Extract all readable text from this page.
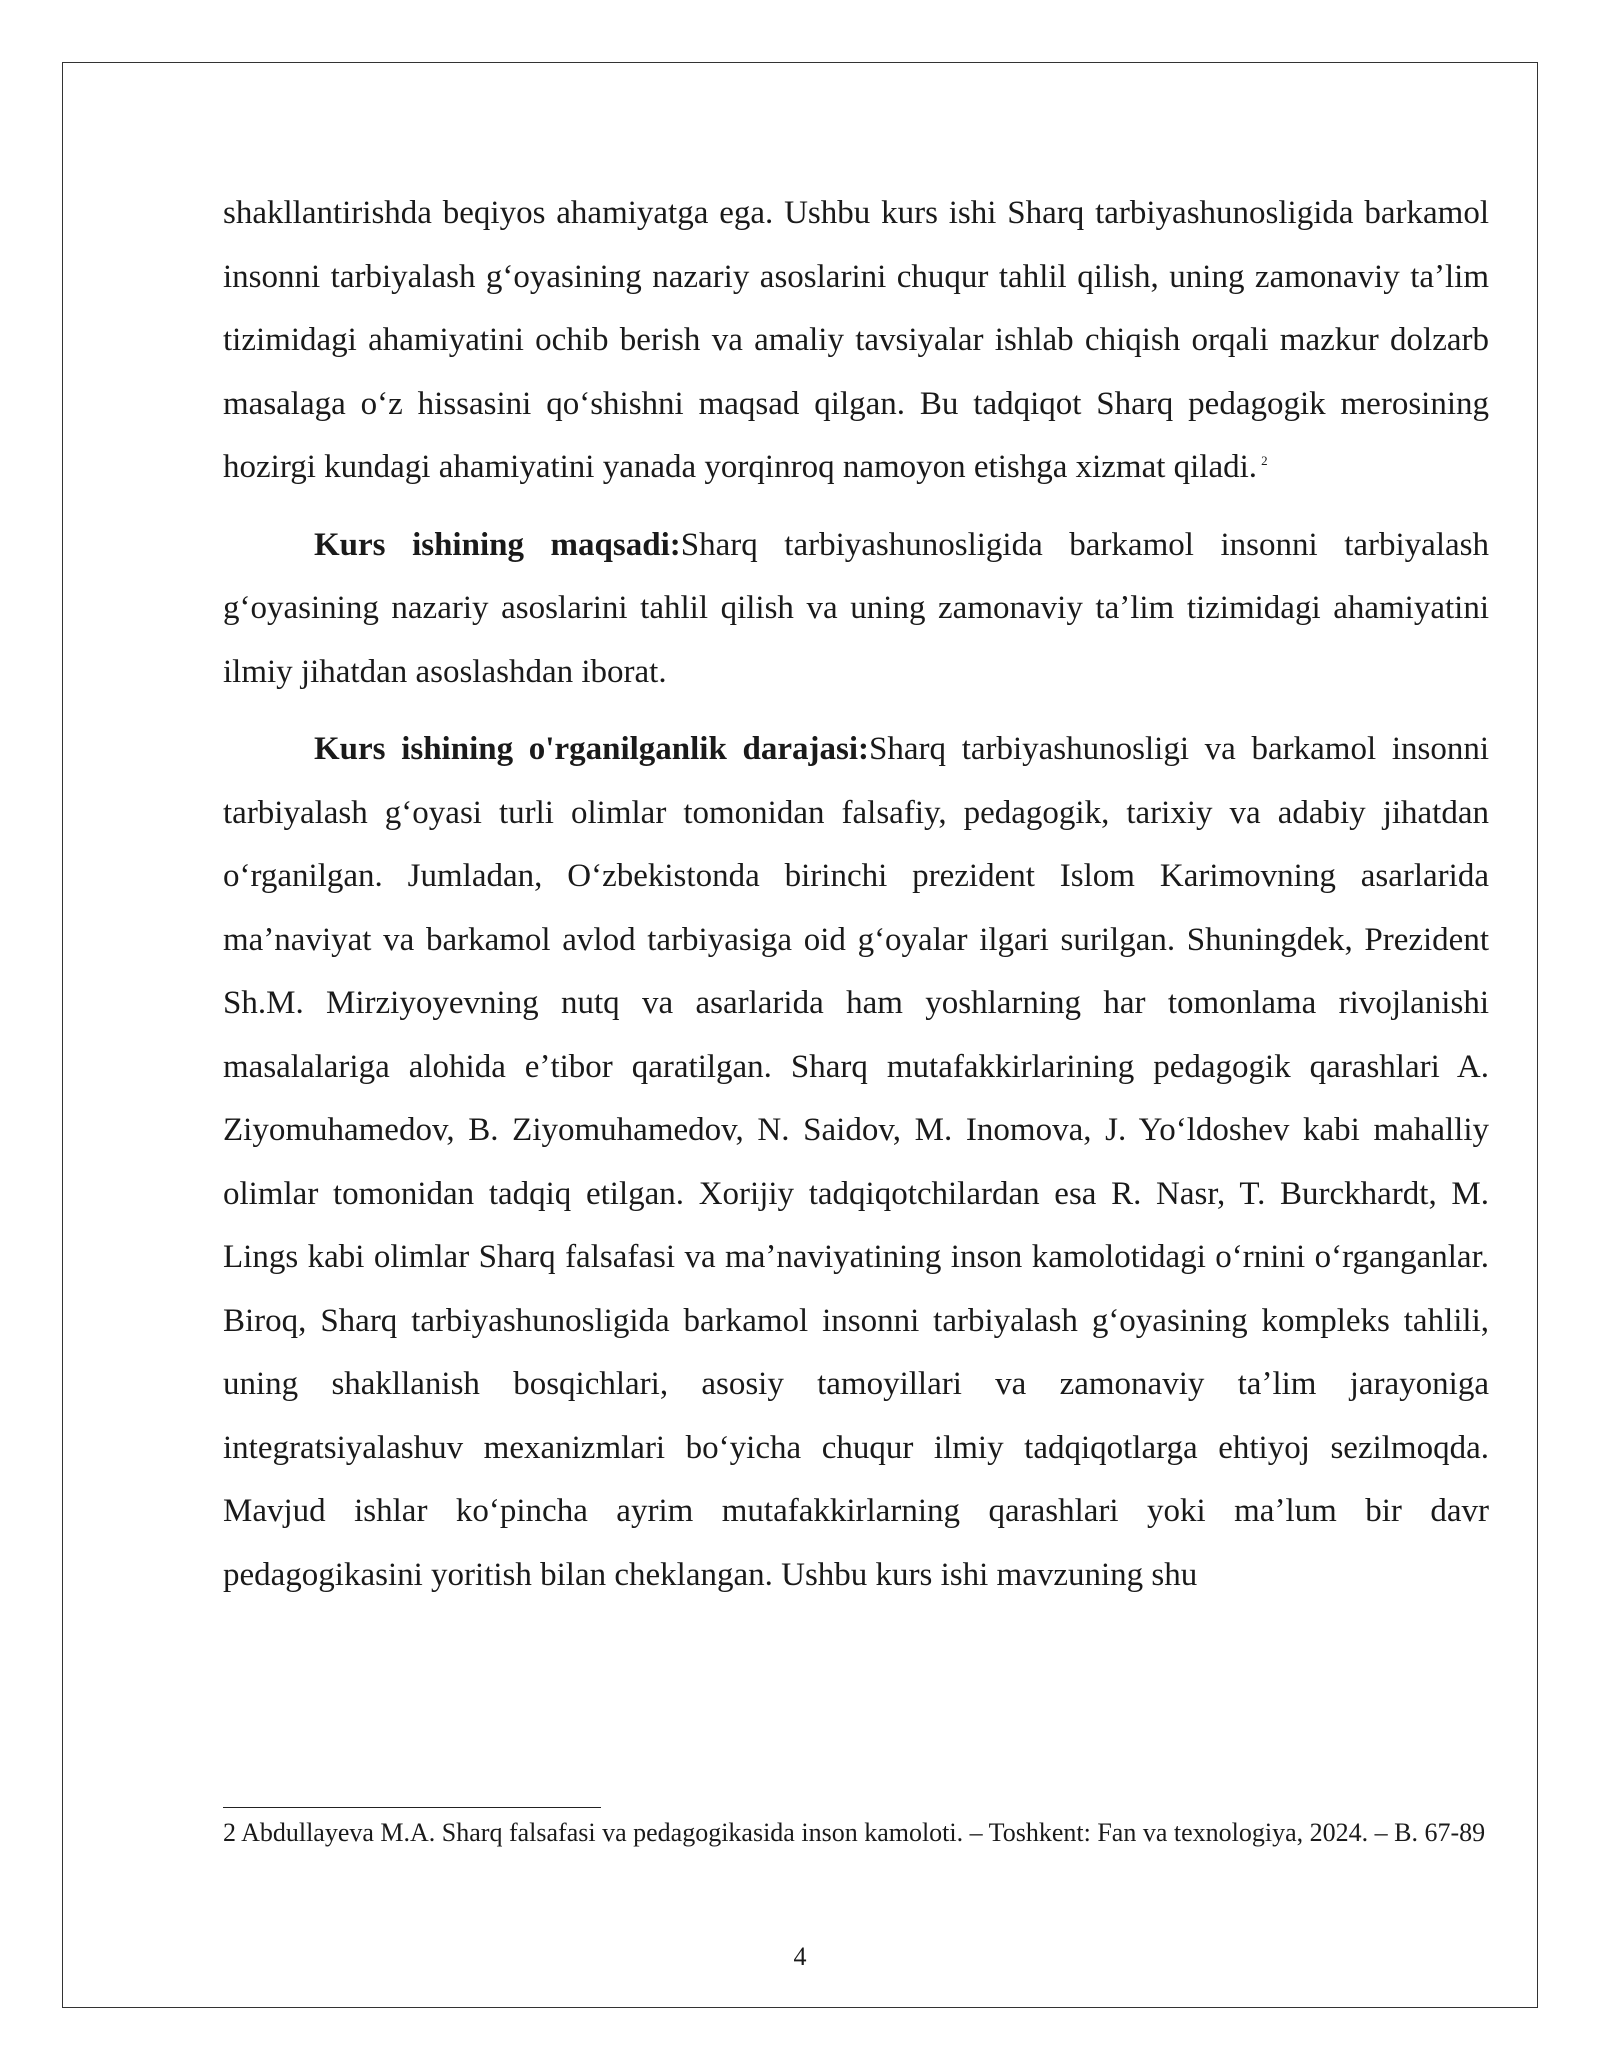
shakllantirishda beqiyos ahamiyatga ega. Ushbu kurs ishi Sharq tarbiyashunosligida barkamol insonni tarbiyalash gʻoyasining nazariy asoslarini chuqur tahlil qilish, uning zamonaviy taʼlim tizimidagi ahamiyatini ochib berish va amaliy tavsiyalar ishlab chiqish orqali mazkur dolzarb masalaga oʻz hissasini qoʻshishni maqsad qilgan. Bu tadqiqot Sharq pedagogik merosining hozirgi kundagi ahamiyatini yanada yorqinroq namoyon etishga xizmat qiladi. $^2$

Kurs ishining maqsadi:Sharq tarbiyashunosligida barkamol insonni tarbiyalash gʻoyasining nazariy asoslarini tahlil qilish va uning zamonaviy taʼlim tizimidagi ahamiyatini ilmiy jihatdan asoslashdan iborat.

Kurs ishining o'rganilganlik darajasi:Sharq tarbiyashunosligi va barkamol insonni tarbiyalash gʻoyasi turli olimlar tomonidan falsafiy, pedagogik, tarixiy va adabiy jihatdan oʻrganilgan. Jumladan, Oʻzbekistonda birinchi prezident Islom Karimovning asarlarida maʼnaviyat va barkamol avlod tarbiyasiga oid gʻoyalar ilgari surilgan. Shuningdek, Prezident Sh.M. Mirziyoyevning nutq va asarlarida ham yoshlarning har tomonlama rivojlanishi masalalariga alohida eʼtibor qaratilgan. Sharq mutafakkirlarining pedagogik qarashlari A. Ziyomuhamedov, B. Ziyomuhamedov, N. Saidov, M. Inomova, J. Yoʻldoshev kabi mahalliy olimlar tomonidan tadqiq etilgan. Xorijiy tadqiqotchilardan esa R. Nasr, T. Burckhardt, M. Lings kabi olimlar Sharq falsafasi va maʼnaviyatining inson kamolotidagi oʻrnini oʻrganganlar. Biroq, Sharq tarbiyashunosligida barkamol insonni tarbiyalash gʻoyasining kompleks tahlili, uning shakllanish bosqichlari, asosiy tamoyillari va zamonaviy taʼlim jarayoniga integratsiyalashuv mexanizmlari boʻyicha chuqur ilmiy tadqiqotlarga ehtiyoj sezilmoqda. Mavjud ishlar koʻpincha ayrim mutafakkirlarning qarashlari yoki maʼlum bir davr pedagogikasini yoritish bilan cheklangan. Ushbu kurs ishi mavzuning shu

2 Abdullayeva M.A. Sharq falsafasi va pedagogikasida inson kamoloti. – Toshkent: Fan va texnologiya, 2024. – B. 67-89

4
